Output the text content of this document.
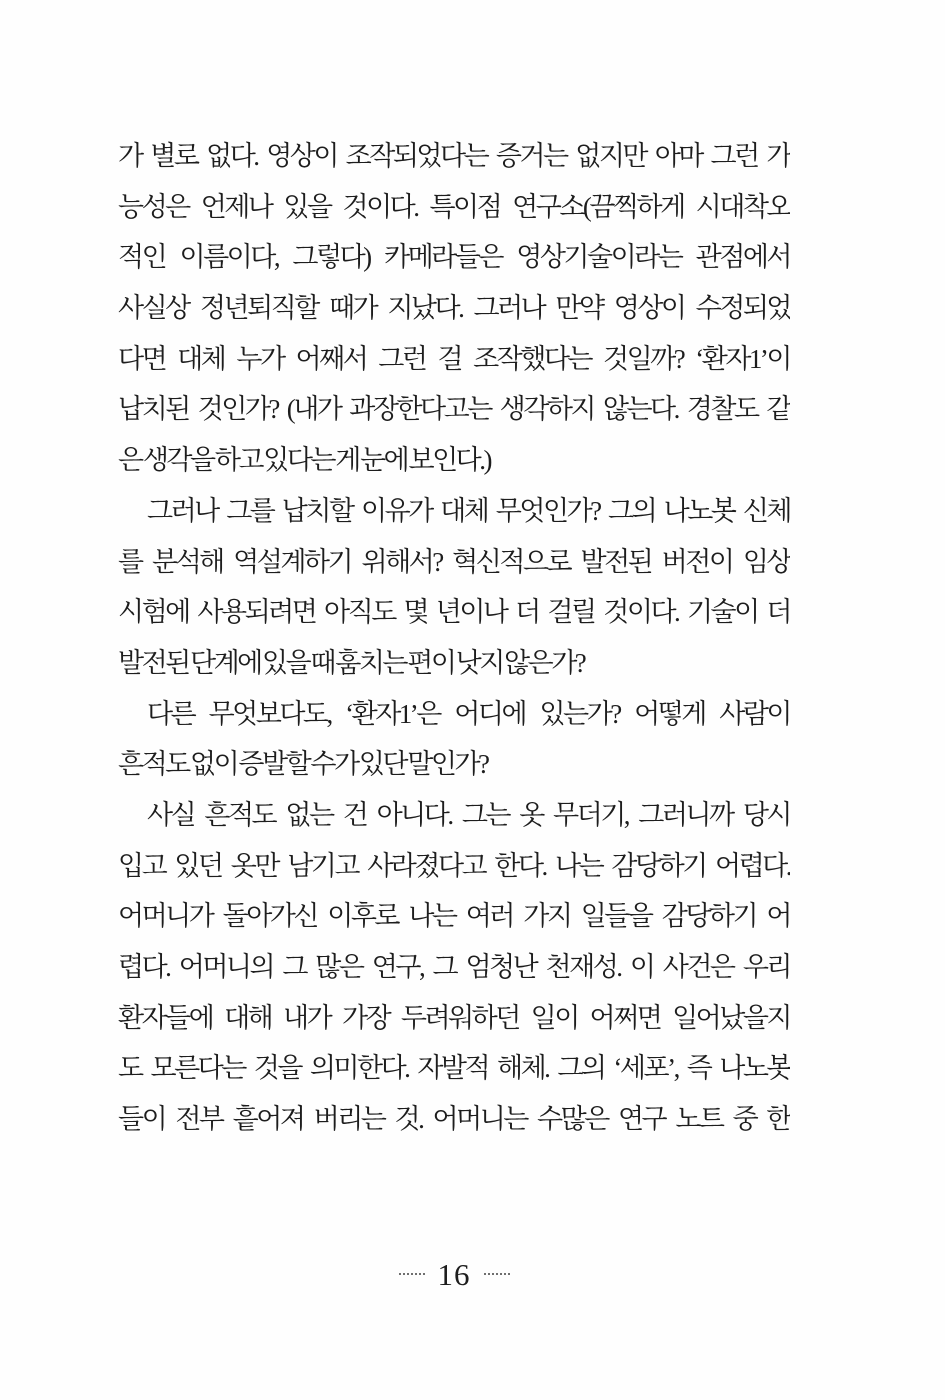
가 별로 없다. 영상이 조작되었다는 증거는 없지만 아마 그런 가
능성은 언제나 있을 것이다. 특이점 연구소(끔찍하게 시대착오
적인 이름이다, 그렇다) 카메라들은 영상기술이라는 관점에서
사실상 정년퇴직할 때가 지났다. 그러나 만약 영상이 수정되었
다면 대체 누가 어째서 그런 걸 조작했다는 것일까? ‘환자1’이
납치된 것인가? (내가 과장한다고는 생각하지 않는다. 경찰도 같
은 생각을 하고 있다는 게 눈에 보인다.)
그러나 그를 납치할 이유가 대체 무엇인가? 그의 나노봇 신체
를 분석해 역설계하기 위해서? 혁신적으로 발전된 버전이 임상
시험에 사용되려면 아직도 몇 년이나 더 걸릴 것이다. 기술이 더
발전된 단계에 있을 때 훔치는 편이 낫지 않은가?
다른 무엇보다도, ‘환자1’은 어디에 있는가? 어떻게 사람이
흔적도 없이 증발할 수가 있단 말인가?
사실 흔적도 없는 건 아니다. 그는 옷 무더기, 그러니까 당시
입고 있던 옷만 남기고 사라졌다고 한다. 나는 감당하기 어렵다.
어머니가 돌아가신 이후로 나는 여러 가지 일들을 감당하기 어
렵다. 어머니의 그 많은 연구, 그 엄청난 천재성. 이 사건은 우리
환자들에 대해 내가 가장 두려워하던 일이 어쩌면 일어났을지
도 모른다는 것을 의미한다. 자발적 해체. 그의 ‘세포’, 즉 나노봇
들이 전부 흩어져 버리는 것. 어머니는 수많은 연구 노트 중 한
16
